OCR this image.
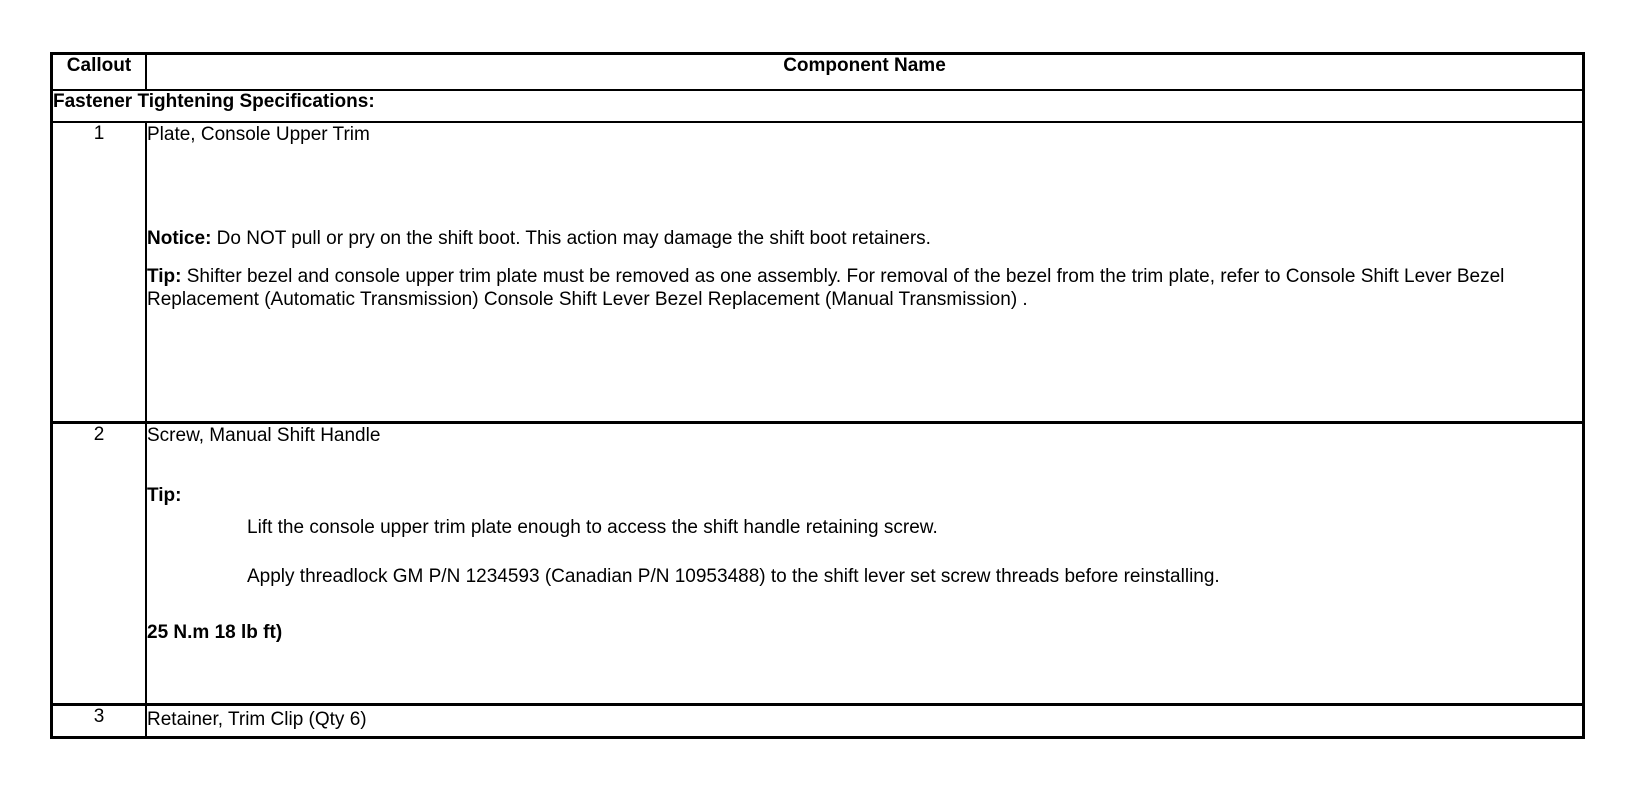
Callout	Component Name
Fastener Tightening Specifications:	
1	Plate, Console Upper Trim

Notice: Do NOT pull or pry on the shift boot. This action may damage the shift boot retainers.

Tip: Shifter bezel and console upper trim plate must be removed as one assembly. For removal of the bezel from the trim plate, refer to Console Shift Lever Bezel Replacement (Automatic Transmission) Console Shift Lever Bezel Replacement (Manual Transmission) .

2	Screw, Manual Shift Handle

Tip:

Lift the console upper trim plate enough to access the shift handle retaining screw.

Apply threadlock GM P/N 1234593 (Canadian P/N 10953488) to the shift lever set screw threads before reinstalling.

25 N.m 18 lb ft)

3	Retainer, Trim Clip (Qty 6)
